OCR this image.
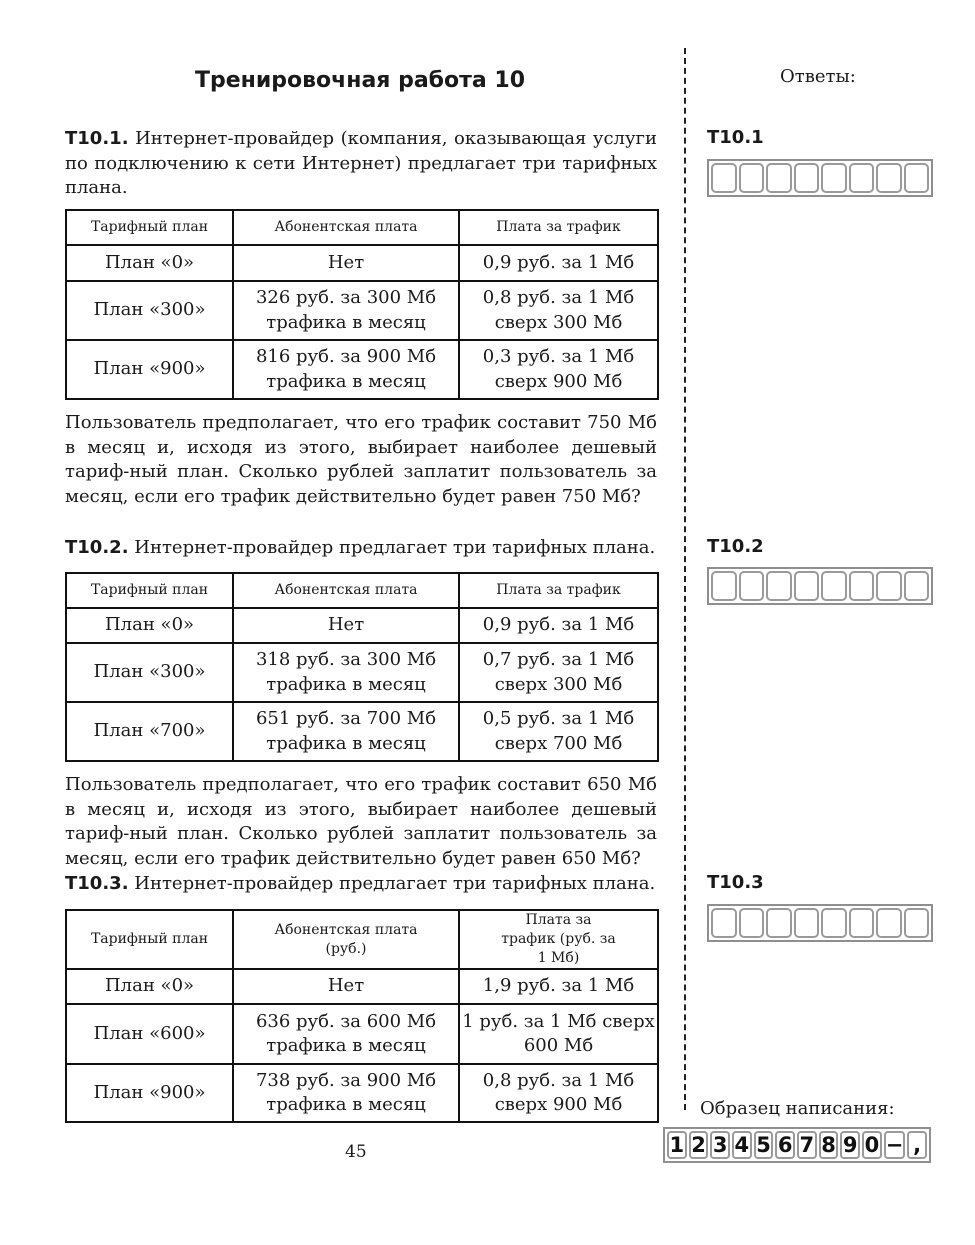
Тренировочная работа 10
T10.1. Интернет-провайдер (компания, оказывающая услуги по подключению к сети Интернет) предлагает три тарифных плана.
Тарифный план	Абонентская плата	Плата за трафик
План «0»	Нет	0,9 руб. за 1 Мб
План «300»	326 руб. за 300 Мб трафика в месяц	0,8 руб. за 1 Мб сверх 300 Мб
План «900»	816 руб. за 900 Мб трафика в месяц	0,3 руб. за 1 Мб сверх 900 Мб
Пользователь предполагает, что его трафик составит 750 Мб в месяц и, исходя из этого, выбирает наиболее дешевый тариф-ный план. Сколько рублей заплатит пользователь за месяц, если его трафик действительно будет равен 750 Мб?
T10.2. Интернет-провайдер предлагает три тарифных плана.
Тарифный план	Абонентская плата	Плата за трафик
План «0»	Нет	0,9 руб. за 1 Мб
План «300»	318 руб. за 300 Мб трафика в месяц	0,7 руб. за 1 Мб сверх 300 Мб
План «700»	651 руб. за 700 Мб трафика в месяц	0,5 руб. за 1 Мб сверх 700 Мб
Пользователь предполагает, что его трафик составит 650 Мб в месяц и, исходя из этого, выбирает наиболее дешевый тариф-ный план. Сколько рублей заплатит пользователь за месяц, если его трафик действительно будет равен 650 Мб?
T10.3. Интернет-провайдер предлагает три тарифных плана.
Тарифный план	Абонентская плата (руб.)	Плата за трафик (руб. за 1 Мб)
План «0»	Нет	1,9 руб. за 1 Мб
План «600»	636 руб. за 600 Мб трафика в месяц	1 руб. за 1 Мб сверх 600 Мб
План «900»	738 руб. за 900 Мб трафика в месяц	0,8 руб. за 1 Мб сверх 900 Мб
Ответы:
T10.1
T10.2
T10.3
Образец написания:
1 2 3 4 5 6 7 8 9 0 − ,
45
